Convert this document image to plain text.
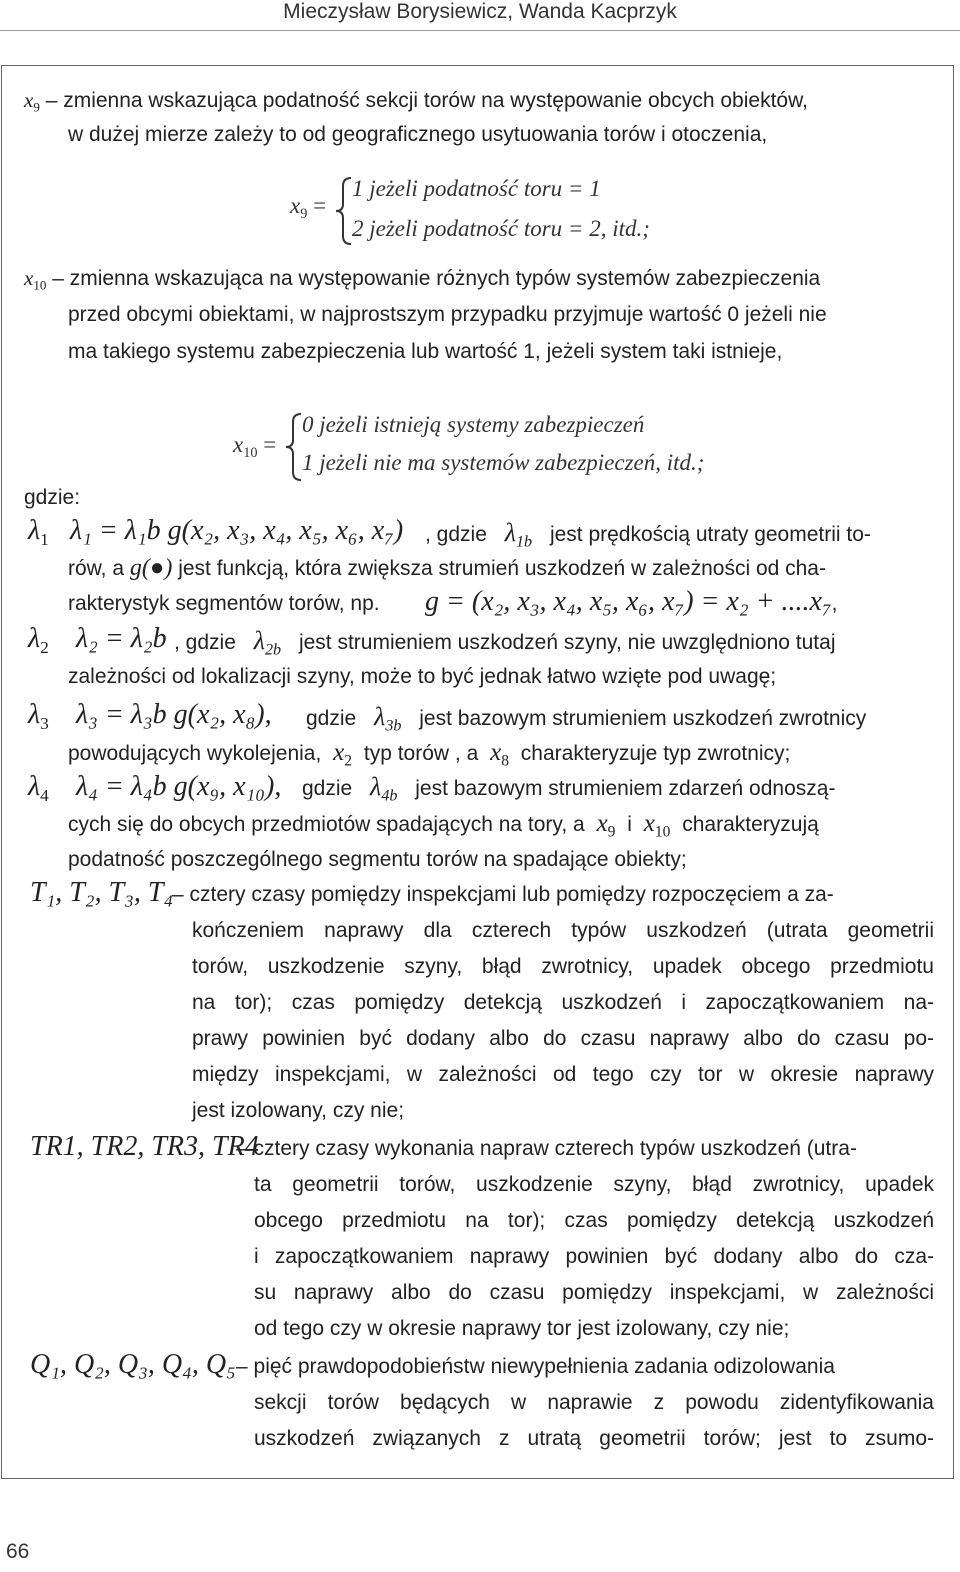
Mieczysław Borysiewicz, Wanda Kacprzyk
$x_9$ – zmienna wskazująca podatność sekcji torów na występowanie obcych obiektów,
w dużej mierze zależy to od geograficznego usytuowania torów i otoczenia,
$x_9$ =
1 jeżeli podatność toru = 1
2 jeżeli podatność toru = 2, itd.;
$x_{10}$ – zmienna wskazująca na występowanie różnych typów systemów zabezpieczenia
przed obcymi obiektami, w najprostszym przypadku przyjmuje wartość 0 jeżeli nie
ma takiego systemu zabezpieczenia lub wartość 1, jeżeli system taki istnieje,
$x_{10}$ =
0 jeżeli istnieją systemy zabezpieczeń
1 jeżeli nie ma systemów zabezpieczeń, itd.;
gdzie:
$\lambda_1$ λ₁ = λ₁b g(x₂, x₃, x₄, x₅, x₆, x₇) , gdzie $\lambda_{1b}$ jest prędkością utraty geometrii to-
rów, a g(●) jest funkcją, która zwiększa strumień uszkodzeń w zależności od cha-
rakterystyk segmentów torów, np. g = (x₂, x₃, x₄, x₅, x₆, x₇) = x₂ + ....x₇,
$\lambda_2$ λ₂ = λ₂b , gdzie $\lambda_{2b}$ jest strumieniem uszkodzeń szyny, nie uwzględniono tutaj
zależności od lokalizacji szyny, może to być jednak łatwo wzięte pod uwagę;
$\lambda_3$ λ₃ = λ₃b g(x₂, x₈), gdzie $\lambda_{3b}$ jest bazowym strumieniem uszkodzeń zwrotnicy
powodujących wykolejenia, $x_2$ typ torów , a $x_8$ charakteryzuje typ zwrotnicy;
$\lambda_4$ λ₄ = λ₄b g(x₉, x₁₀), gdzie $\lambda_{4b}$ jest bazowym strumieniem zdarzeń odnoszą-
cych się do obcych przedmiotów spadających na tory, a $x_9$ i $x_{10}$ charakteryzują
podatność poszczególnego segmentu torów na spadające obiekty;
T₁, T₂, T₃, T₄
– cztery czasy pomiędzy inspekcjami lub pomiędzy rozpoczęciem a za-
kończeniem naprawy dla czterech typów uszkodzeń (utrata geometrii
torów, uszkodzenie szyny, błąd zwrotnicy, upadek obcego przedmiotu
na tor); czas pomiędzy detekcją uszkodzeń i zapoczątkowaniem na-
prawy powinien być dodany albo do czasu naprawy albo do czasu po-
między inspekcjami, w zależności od tego czy tor w okresie naprawy
jest izolowany, czy nie;
TR1, TR2, TR3, TR4
– cztery czasy wykonania napraw czterech typów uszkodzeń (utra-
ta geometrii torów, uszkodzenie szyny, błąd zwrotnicy, upadek
obcego przedmiotu na tor); czas pomiędzy detekcją uszkodzeń
i zapoczątkowaniem naprawy powinien być dodany albo do cza-
su naprawy albo do czasu pomiędzy inspekcjami, w zależności
od tego czy w okresie naprawy tor jest izolowany, czy nie;
Q₁, Q₂, Q₃, Q₄, Q₅ – pięć prawdopodobieństw niewypełnienia zadania odizolowania
sekcji torów będących w naprawie z powodu zidentyfikowania
uszkodzeń związanych z utratą geometrii torów; jest to zsumo-
66
